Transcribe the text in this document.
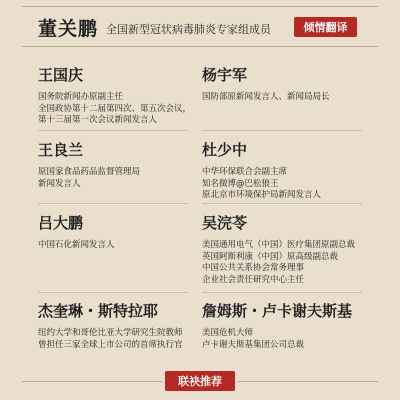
董关鹏 全国新型冠状病毒肺炎专家组成员	倾情翻译
王国庆
国务院新闻办原副主任
全国政协第十二届第四次、第五次会议，
第十三届第一次会议新闻发言人
杨宇军
国防部原新闻发言人、新闻局局长
王良兰
原国家食品药品监督管理局
新闻发言人
杜少中
中华环保联合会副主席
知名微博@巴松狼王
原北京市环境保护局新闻发言人
吕大鹏
中国石化新闻发言人
吴浣苓
美国通用电气（中国）医疗集团原副总裁
英国阿斯利康（中国）原高级副总裁
中国公共关系协会常务理事
企业社会责任研究中心主任
杰奎琳・斯特拉耶
纽约大学和哥伦比亚大学研究生院教师
曾担任三家全球上市公司的首席执行官
詹姆斯・卢卡谢夫斯基
美国危机大师
卢卡谢夫斯基集团公司总裁
联袂推荐
